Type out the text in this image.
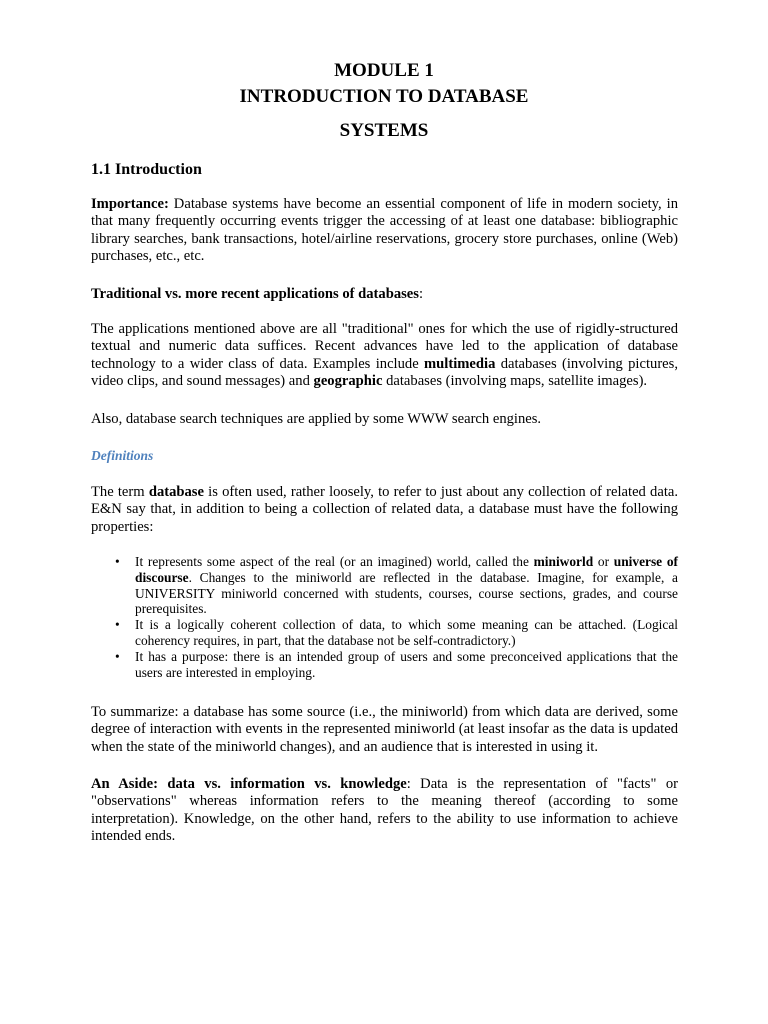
MODULE 1
INTRODUCTION TO DATABASE
SYSTEMS
1.1 Introduction
Importance: Database systems have become an essential component of life in modern society, in that many frequently occurring events trigger the accessing of at least one database: bibliographic library searches, bank transactions, hotel/airline reservations, grocery store purchases, online (Web) purchases, etc., etc.
Traditional vs. more recent applications of databases:
The applications mentioned above are all "traditional" ones for which the use of rigidly-structured textual and numeric data suffices. Recent advances have led to the application of database technology to a wider class of data. Examples include multimedia databases (involving pictures, video clips, and sound messages) and geographic databases (involving maps, satellite images).
Also, database search techniques are applied by some WWW search engines.
Definitions
The term database is often used, rather loosely, to refer to just about any collection of related data. E&N say that, in addition to being a collection of related data, a database must have the following properties:
• It represents some aspect of the real (or an imagined) world, called the miniworld or universe of discourse. Changes to the miniworld are reflected in the database. Imagine, for example, a UNIVERSITY miniworld concerned with students, courses, course sections, grades, and course prerequisites.
• It is a logically coherent collection of data, to which some meaning can be attached. (Logical coherency requires, in part, that the database not be self-contradictory.)
• It has a purpose: there is an intended group of users and some preconceived applications that the users are interested in employing.
To summarize: a database has some source (i.e., the miniworld) from which data are derived, some degree of interaction with events in the represented miniworld (at least insofar as the data is updated when the state of the miniworld changes), and an audience that is interested in using it.
An Aside: data vs. information vs. knowledge: Data is the representation of "facts" or "observations" whereas information refers to the meaning thereof (according to some interpretation). Knowledge, on the other hand, refers to the ability to use information to achieve intended ends.
